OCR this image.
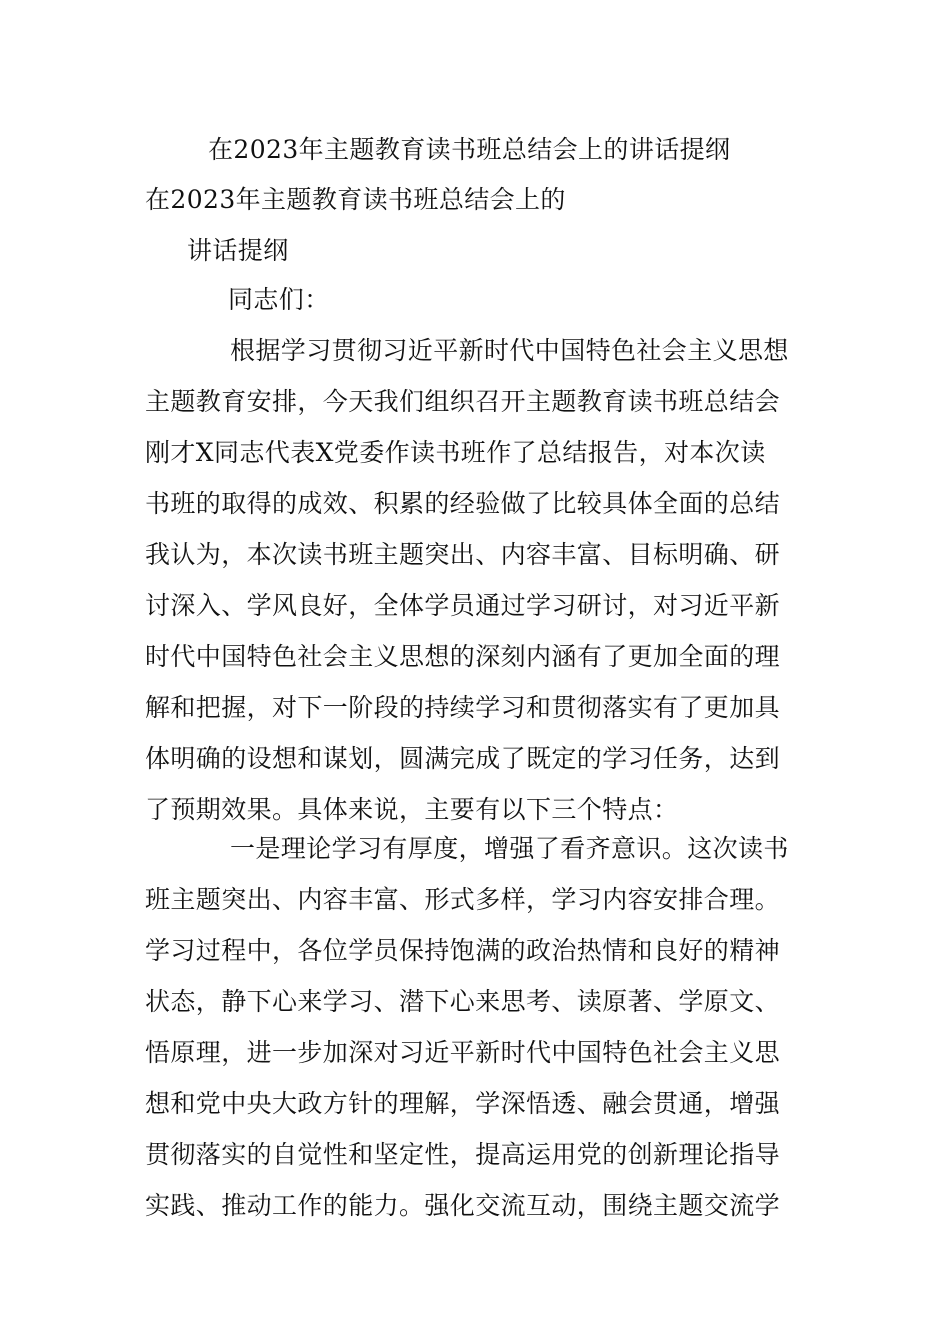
在2023年主题教育读书班总结会上的讲话提纲
在2023年主题教育读书班总结会上的
讲话提纲
同志们：
根据学习贯彻习近平新时代中国特色社会主义思想
主题教育安排，今天我们组织召开主题教育读书班总结会
刚才X同志代表X党委作读书班作了总结报告，对本次读
书班的取得的成效、积累的经验做了比较具体全面的总结
我认为，本次读书班主题突出、内容丰富、目标明确、研
讨深入、学风良好，全体学员通过学习研讨，对习近平新
时代中国特色社会主义思想的深刻内涵有了更加全面的理
解和把握，对下一阶段的持续学习和贯彻落实有了更加具
体明确的设想和谋划，圆满完成了既定的学习任务，达到
了预期效果。具体来说，主要有以下三个特点：
一是理论学习有厚度，增强了看齐意识。这次读书
班主题突出、内容丰富、形式多样，学习内容安排合理。
学习过程中，各位学员保持饱满的政治热情和良好的精神
状态，静下心来学习、潜下心来思考、读原著、学原文、
悟原理，进一步加深对习近平新时代中国特色社会主义思
想和党中央大政方针的理解，学深悟透、融会贯通，增强
贯彻落实的自觉性和坚定性，提高运用党的创新理论指导
实践、推动工作的能力。强化交流互动，围绕主题交流学
